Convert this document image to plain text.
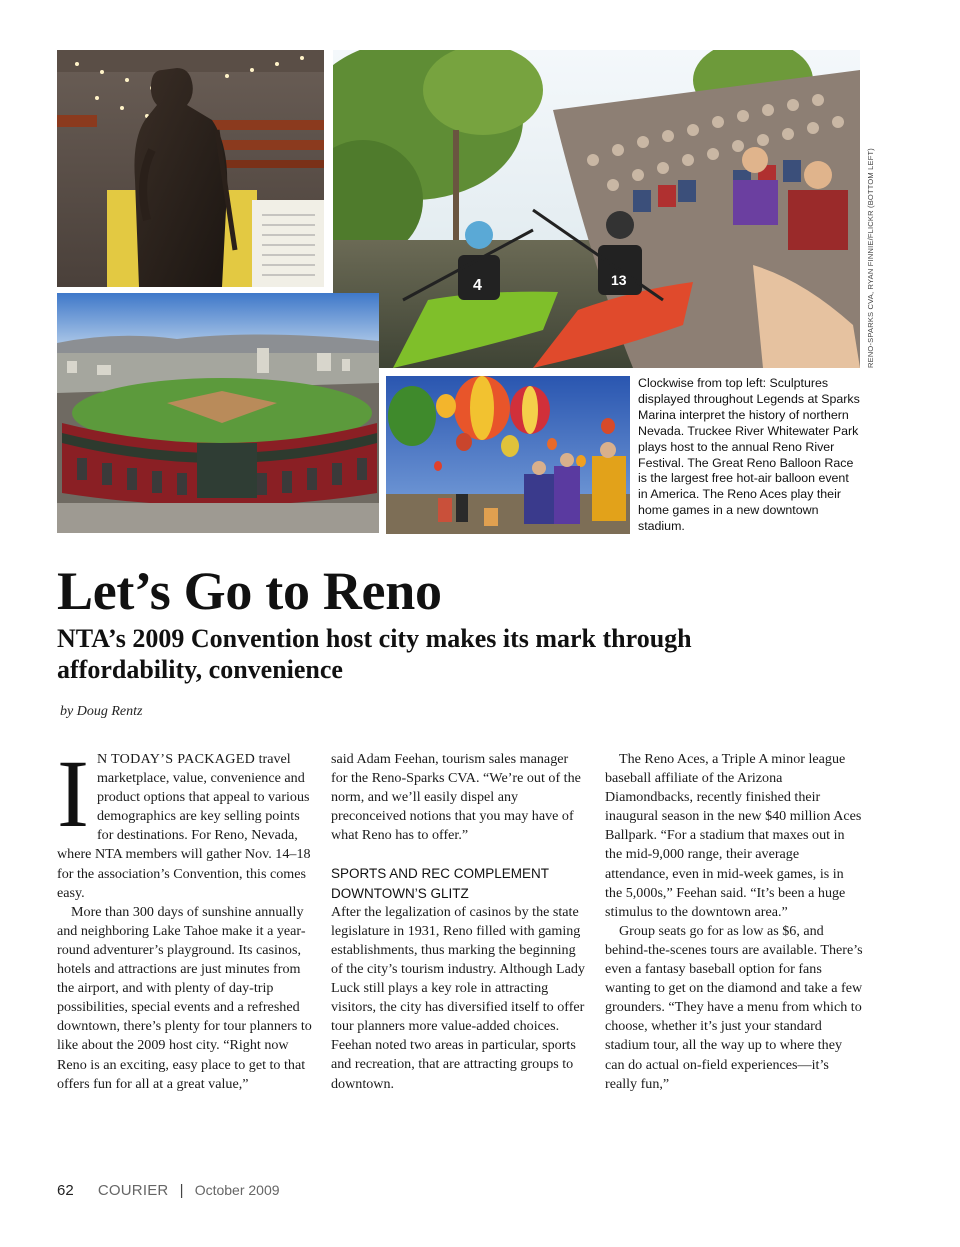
4	13	RENO-SPARKS CVA, RYAN FINNIE/FLICKR (BOTTOM LEFT)
Clockwise from top left: Sculptures displayed throughout Legends at Sparks Marina interpret the history of northern Nevada. Truckee River Whitewater Park plays host to the annual Reno River Festival. The Great Reno Balloon Race is the largest free hot-air balloon event in America. The Reno Aces play their home games in a new downtown stadium.
Let’s Go to Reno
NTA’s 2009 Convention host city makes its mark through affordability, convenience
by Doug Rentz

I N TODAY’S PACKAGED travel marketplace, value, convenience and product options that appeal to various demographics are key selling points for destinations. For Reno, Nevada, where NTA members will gather Nov. 14–18 for the association’s Convention, this comes easy.

More than 300 days of sunshine annually and neighboring Lake Tahoe make it a year-round adventurer’s playground. Its casinos, hotels and attractions are just minutes from the airport, and with plenty of day-trip possibilities, special events and a refreshed downtown, there’s plenty for tour planners to like about the 2009 host city. “Right now Reno is an exciting, easy place to get to that offers fun for all at a great value,”

said Adam Feehan, tourism sales manager for the Reno-Sparks CVA. “We’re out of the norm, and we’ll easily dispel any preconceived notions that you may have of what Reno has to offer.”

SPORTS AND REC COMPLEMENT DOWNTOWN’S GLITZ

After the legalization of casinos by the state legislature in 1931, Reno filled with gaming establishments, thus marking the beginning of the city’s tourism industry. Although Lady Luck still plays a key role in attracting visitors, the city has diversified itself to offer tour planners more value-added choices. Feehan noted two areas in particular, sports and recreation, that are attracting groups to downtown.

The Reno Aces, a Triple A minor league baseball affiliate of the Arizona Diamondbacks, recently finished their inaugural season in the new $40 million Aces Ballpark. “For a stadium that maxes out in the mid-9,000 range, their average attendance, even in mid-week games, is in the 5,000s,” Feehan said. “It’s been a huge stimulus to the downtown area.”

Group seats go for as low as $6, and behind-the-scenes tours are available. There’s even a fantasy baseball option for fans wanting to get on the diamond and take a few grounders. “They have a menu from which to choose, whether it’s just your standard stadium tour, all the way up to where they can do actual on-field experiences—it’s really fun,”

62 COURIER | October 2009
